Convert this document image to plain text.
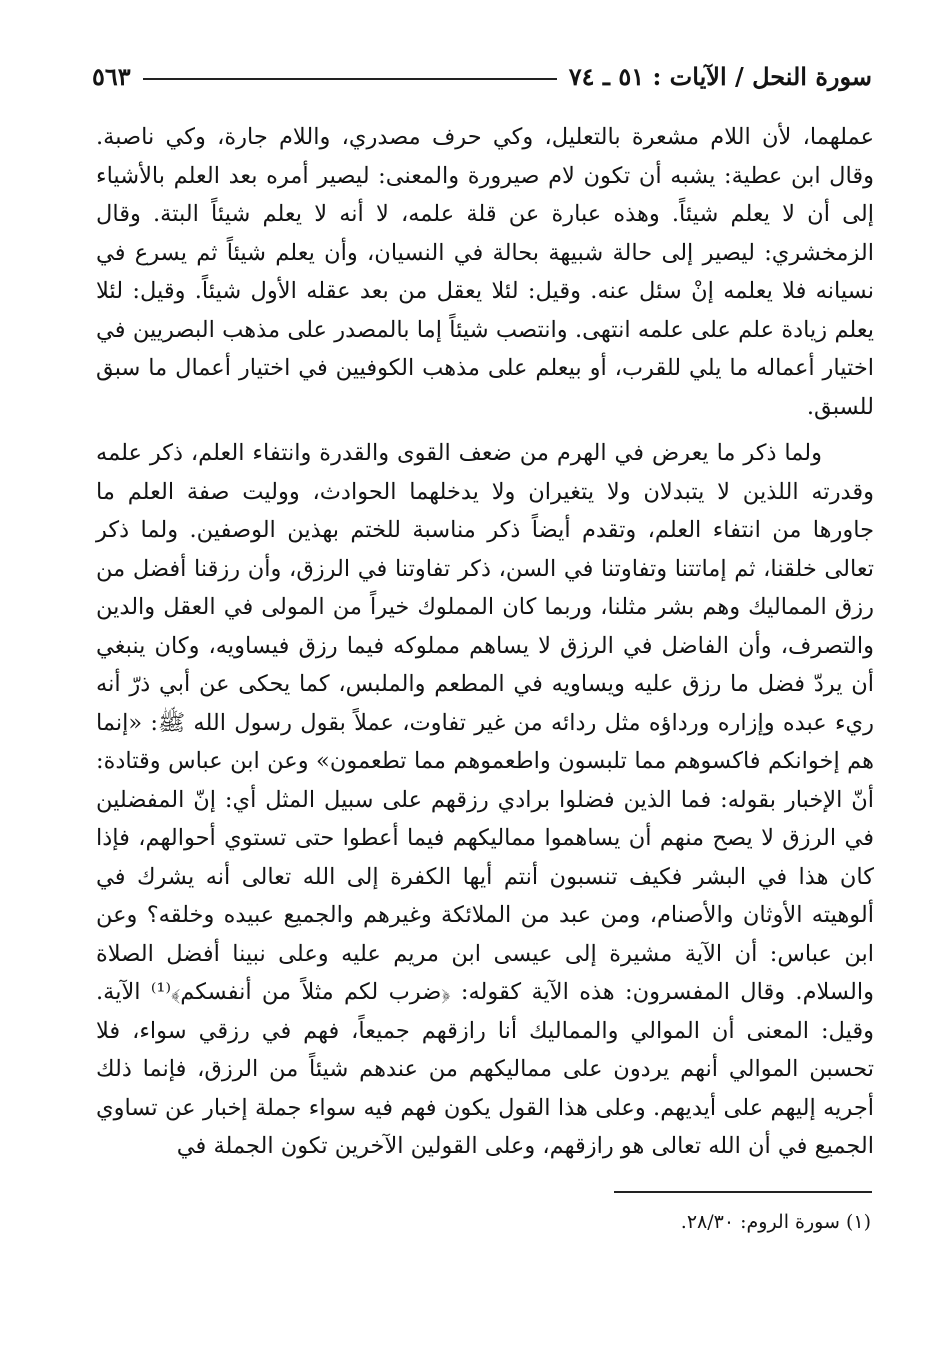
سورة النحل / الآيات : ٥١ ـ ٧٤
٥٦٣

عملهما، لأن اللام مشعرة بالتعليل، وكي حرف مصدري، واللام جارة، وكي ناصبة. وقال ابن عطية: يشبه أن تكون لام صيرورة والمعنى: ليصير أمره بعد العلم بالأشياء إلى أن لا يعلم شيئاً. وهذه عبارة عن قلة علمه، لا أنه لا يعلم شيئاً البتة. وقال الزمخشري: ليصير إلى حالة شبيهة بحالة في النسيان، وأن يعلم شيئاً ثم يسرع في نسيانه فلا يعلمه إنْ سئل عنه. وقيل: لئلا يعقل من بعد عقله الأول شيئاً. وقيل: لئلا يعلم زيادة علم على علمه انتهى. وانتصب شيئاً إما بالمصدر على مذهب البصريين في اختيار أعماله ما يلي للقرب، أو بيعلم على مذهب الكوفيين في اختيار أعمال ما سبق للسبق.

ولما ذكر ما يعرض في الهرم من ضعف القوى والقدرة وانتفاء العلم، ذكر علمه وقدرته اللذين لا يتبدلان ولا يتغيران ولا يدخلهما الحوادث، ووليت صفة العلم ما جاورها من انتفاء العلم، وتقدم أيضاً ذكر مناسبة للختم بهذين الوصفين. ولما ذكر تعالى خلقنا، ثم إماتتنا وتفاوتنا في السن، ذكر تفاوتنا في الرزق، وأن رزقنا أفضل من رزق المماليك وهم بشر مثلنا، وربما كان المملوك خيراً من المولى في العقل والدين والتصرف، وأن الفاضل في الرزق لا يساهم مملوكه فيما رزق فيساويه، وكان ينبغي أن يردّ فضل ما رزق عليه ويساويه في المطعم والملبس، كما يحكى عن أبي ذرّ أنه ريء عبده وإزاره ورداؤه مثل ردائه من غير تفاوت، عملاً بقول رسول الله ﷺ: «إنما هم إخوانكم فاكسوهم مما تلبسون واطعموهم مما تطعمون» وعن ابن عباس وقتادة: أنّ الإخبار بقوله: فما الذين فضلوا برادي رزقهم على سبيل المثل أي: إنّ المفضلين في الرزق لا يصح منهم أن يساهموا مماليكهم فيما أعطوا حتى تستوي أحوالهم، فإذا كان هذا في البشر فكيف تنسبون أنتم أيها الكفرة إلى الله تعالى أنه يشرك في ألوهيته الأوثان والأصنام، ومن عبد من الملائكة وغيرهم والجميع عبيده وخلقه؟ وعن ابن عباس: أن الآية مشيرة إلى عيسى ابن مريم عليه وعلى نبينا أفضل الصلاة والسلام. وقال المفسرون: هذه الآية كقوله: ﴿ضرب لكم مثلاً من أنفسكم﴾⁽¹⁾ الآية. وقيل: المعنى أن الموالي والمماليك أنا رازقهم جميعاً، فهم في رزقي سواء، فلا تحسبن الموالي أنهم يردون على مماليكهم من عندهم شيئاً من الرزق، فإنما ذلك أجريه إليهم على أيديهم. وعلى هذا القول يكون فهم فيه سواء جملة إخبار عن تساوي الجميع في أن الله تعالى هو رازقهم، وعلى القولين الآخرين تكون الجملة في

(١) سورة الروم: ٢٨/٣٠.
